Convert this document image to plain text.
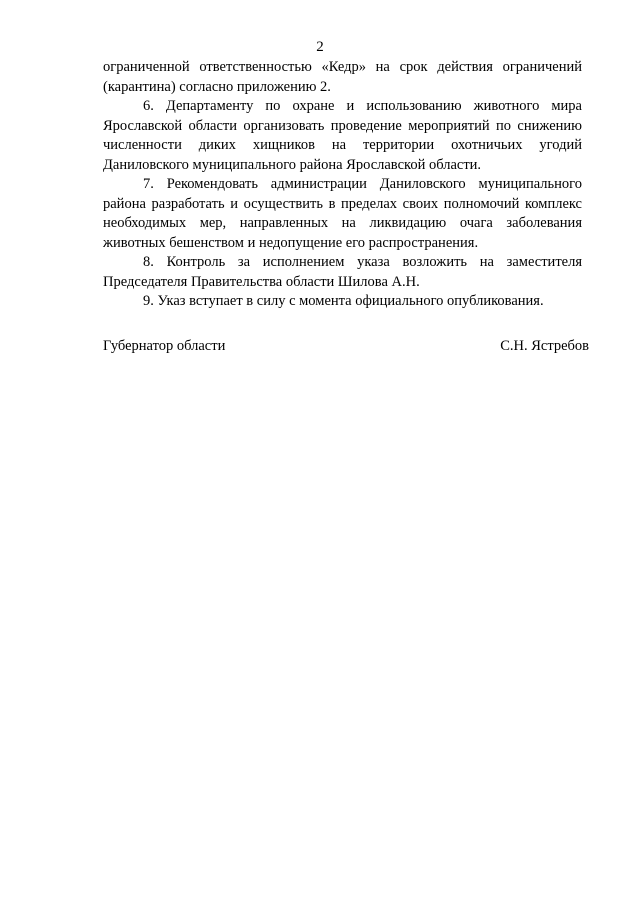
2

ограниченной ответственностью «Кедр» на срок действия ограничений (карантина) согласно приложению 2.

6. Департаменту по охране и использованию животного мира Ярославской области организовать проведение мероприятий по снижению численности диких хищников на территории охотничьих угодий Даниловского муниципального района Ярославской области.

7. Рекомендовать администрации Даниловского муниципального района разработать и осуществить в пределах своих полномочий комплекс необходимых мер, направленных на ликвидацию очага заболевания животных бешенством и недопущение его распространения.

8. Контроль за исполнением указа возложить на заместителя Председателя Правительства области Шилова А.Н.

9. Указ вступает в силу с момента официального опубликования.

Губернатор области	С.Н. Ястребов
